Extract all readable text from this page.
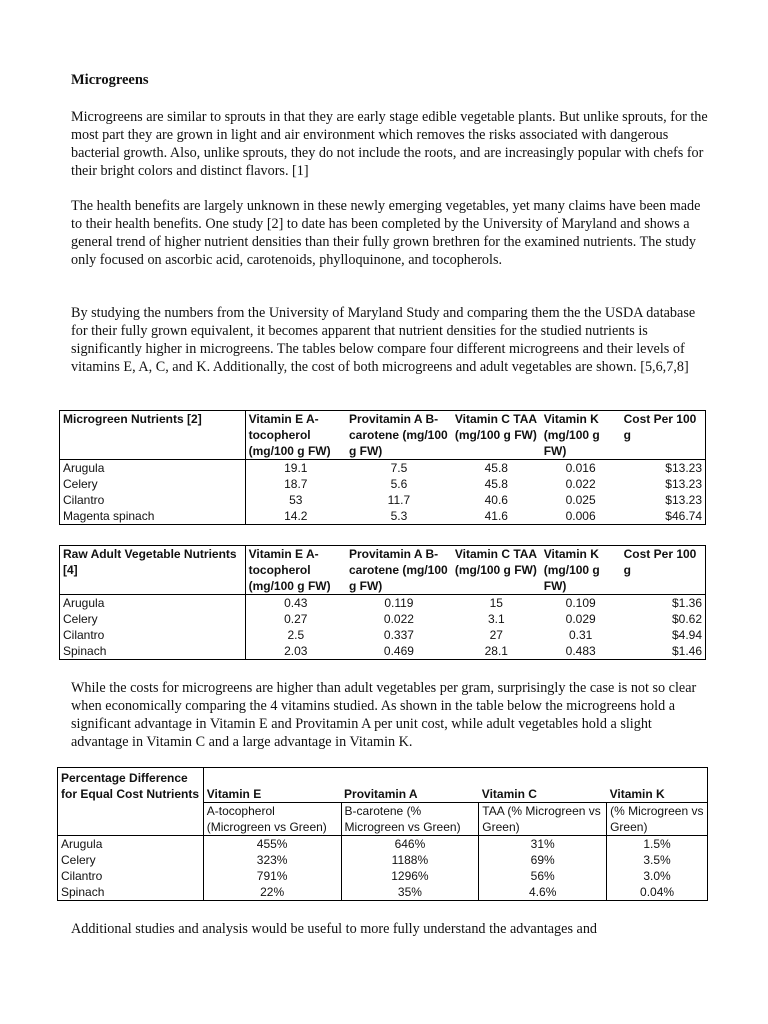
Microgreens

Microgreens are similar to sprouts in that they are early stage edible vegetable plants. But unlike sprouts, for the most part they are grown in light and air environment which removes the risks associated with dangerous bacterial growth. Also, unlike sprouts, they do not include the roots, and are increasingly popular with chefs for their bright colors and distinct flavors. [1]

The health benefits are largely unknown in these newly emerging vegetables, yet many claims have been made to their health benefits. One study [2] to date has been completed by the University of Maryland and shows a general trend of higher nutrient densities than their fully grown brethren for the examined nutrients. The study only focused on ascorbic acid, carotenoids, phylloquinone, and tocopherols.

By studying the numbers from the University of Maryland Study and comparing them the the USDA database for their fully grown equivalent, it becomes apparent that nutrient densities for the studied nutrients is significantly higher in microgreens. The tables below compare four different microgreens and their levels of vitamins E, A, C, and K. Additionally, the cost of both microgreens and adult vegetables are shown. [5,6,7,8]

Microgreen Nutrients [2]	Vitamin E A-tocopherol (mg/100 g FW)	Provitamin A B-carotene (mg/100 g FW)	Vitamin C TAA (mg/100 g FW)	Vitamin K (mg/100 g FW)	Cost Per 100 g
Arugula	19.1	7.5	45.8	0.016	$13.23
Celery	18.7	5.6	45.8	0.022	$13.23
Cilantro	53	11.7	40.6	0.025	$13.23
Magenta spinach	14.2	5.3	41.6	0.006	$46.74
Raw Adult Vegetable Nutrients [4]	Vitamin E A-tocopherol (mg/100 g FW)	Provitamin A B-carotene (mg/100 g FW)	Vitamin C TAA (mg/100 g FW)	Vitamin K (mg/100 g FW)	Cost Per 100 g
Arugula	0.43	0.119	15	0.109	$1.36
Celery	0.27	0.022	3.1	0.029	$0.62
Cilantro	2.5	0.337	27	0.31	$4.94
Spinach	2.03	0.469	28.1	0.483	$1.46

While the costs for microgreens are higher than adult vegetables per gram, surprisingly the case is not so clear when economically comparing the 4 vitamins studied. As shown in the table below the microgreens hold a significant advantage in Vitamin E and Provitamin A per unit cost, while adult vegetables hold a slight advantage in Vitamin C and a large advantage in Vitamin K.

Percentage Difference for Equal Cost Nutrients	Vitamin E	Provitamin A	Vitamin C	Vitamin K
	A-tocopherol (Microgreen vs Green)	B-carotene (% Microgreen vs Green)	TAA (% Microgreen vs Green)	(% Microgreen vs Green)
Arugula	455%	646%	31%	1.5%
Celery	323%	1188%	69%	3.5%
Cilantro	791%	1296%	56%	3.0%
Spinach	22%	35%	4.6%	0.04%

Additional studies and analysis would be useful to more fully understand the advantages and
